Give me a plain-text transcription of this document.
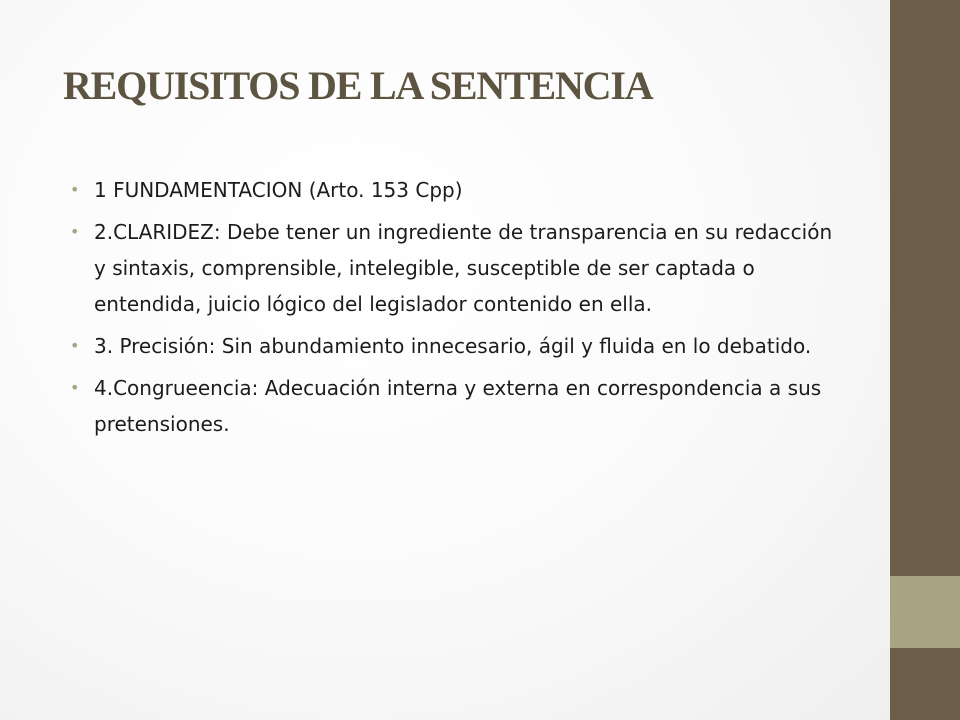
REQUISITOS DE LA SENTENCIA
• 1 FUNDAMENTACION (Arto. 153 Cpp)
• 2.CLARIDEZ: Debe tener un ingrediente de transparencia en su redacción y sintaxis, comprensible, intelegible, susceptible de ser captada o entendida, juicio lógico del legislador contenido en ella.
• 3. Precisión: Sin abundamiento innecesario, ágil y fluida en lo debatido.
• 4.Congrueencia: Adecuación interna y externa en correspondencia a sus pretensiones.
